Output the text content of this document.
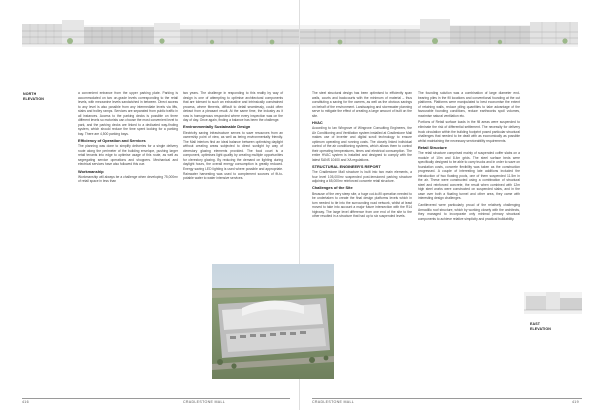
NORTH
ELEVATION

a convenient entrance from the upper parking plate. Parking is accommodated on two on-grade levels corresponding to the retail levels, with mezzanine levels sandwiched in between. Direct access to any level is also possible from any intermediate levels via lifts, stairs and trolley ramps. Services are separated from public traffic in all instances. Access to the parking decks is possible on three different levels so motorists can choose the most convenient level to park, and the parking decks are linked to a dedicated way-finding system, which should reduce the time spent looking for a parking bay. There are 4,500 parking bays.

Efficiency of Operation and Services

The planning was done to simplify deliveries for a single delivery route along the perimeter of the building envelope, pushing larger retail tenants into edge to optimise usage of this route, as well as segregating service operations and shoppers. Mechanical and electrical services have also followed this cue.

Workmanship

Workmanship will always be a challenge when developing 75,000m² of retail space in less than

two years. The challenge in responding to this reality by way of design is one of attempting to optimise architectural components that are tolerant to such an exhaustive and intrinsically constrained process, where fitments, difficult to detail seamlessly, could often detract from a pleasant result. At the same time, the industry as it now is homogenous responded where every inspection was on the day of day. Once again, finding a balance has been the challenge.

Environmentally Sustainable Design

Electricity saving infrastructure serves to save resources from an ownership point of view, as well as being environmentally friendly. The Mall interiors find an ideal balance between optimising daylight without creating areas subjected to direct sunlight by way of clerestory glazing elements provided. The food court is a component, optimises light quality by creating multiple opportunities for clerestory glazing. By reducing the demand on lighting during daylight hours, the overall energy consumption is greatly reduced. Energy saving LED lighting is used where possible and appropriate. Rainwater harvesting was used to complement sources of fit-to-potable water to water intensive services.

416	CRADLESTONE MALL

The steel structural design has been optimised to efficiently span walls, courts and backcourts with the minimum of material – thus constituting a saving for the owners, as well as the obvious savings on behalf of the environment. Landscaping and stormwater planning serve to mitigate the effect of creating a large amount of built on the site.

HVAC

According to Ian Wingrove of Wingrove Consulting Engineers, the Air Conditioning and Ventilation system installed at Cradlestone Mall makes use of inverter and digital scroll technology to ensure optimum operating and running costs. The closely linked individual control of the air conditioning systems, which allows them to control their operating temperatures, times and electrical consumption. The entire HVAC system is installed and designed to comply with the latest SANS 10400 and XA regulations.

STRUCTURAL ENGINEER'S REPORT

The Cradlestone Mall structure is built into two main elements, a four level 105,000m² suspended post-tensioned parking structure adjoining a 65,000m² reinforced concrete retail structure.

Challenges of the Site

Because of the very steep site, a huge cut-to-fill operation needed to be undertaken to create the final design platforms levels which in turn needed to tie into the surrounding road network, whilst at least moved to take into account a major future intersection with the R14 highway. The large level difference from one end of the site to the other resulted in a structure that had up to six suspended levels.

The founding solution was a combination of large diameter end-bearing piles in the fill locations and conventional founding at the cut platforms. Platforms were manipulated to best economise the extent of retaining walls, reduce piling quantities to take advantage of the favourable founding conditions, reduce earthworks spoil volumes, maximise natural ventilation etc.

Portions of Retail surface loads in the fill areas were suspended to eliminate the risk of differential settlement. The necessity for delivery truck circulation within the building footprint posed particular structural challenges that needed to be dealt with as economically as possible whilst maintaining the necessary serviceability requirements.

Retail Structure

The retail structure comprised mainly of suspended coffer slabs on a module of 10m and 8.4m grids. The steel surface beds were specifically designed to be able to carry trucks and in order to save on foundation costs, concrete flexibility was taken as the construction progressed. A couple of interesting late additions included the introduction of two floating pools, one of them suspended 11.5m in the air. These were constructed using a combination of structural steel and reinforced concrete, the result when combined with 12m high steel works were constructed on suspended slabs, and in the case over both a floating tunnel and other area, they came with interesting design challenges.

Cantilevered were particularly proud of the relatively challenging Armadillo roof structure, which by working closely with the architects, they managed to incorporate only minimal primary structural components to achieve relative simplicity and practical buildability.

EAST
ELEVATION
CRADLESTONE MALL	419
